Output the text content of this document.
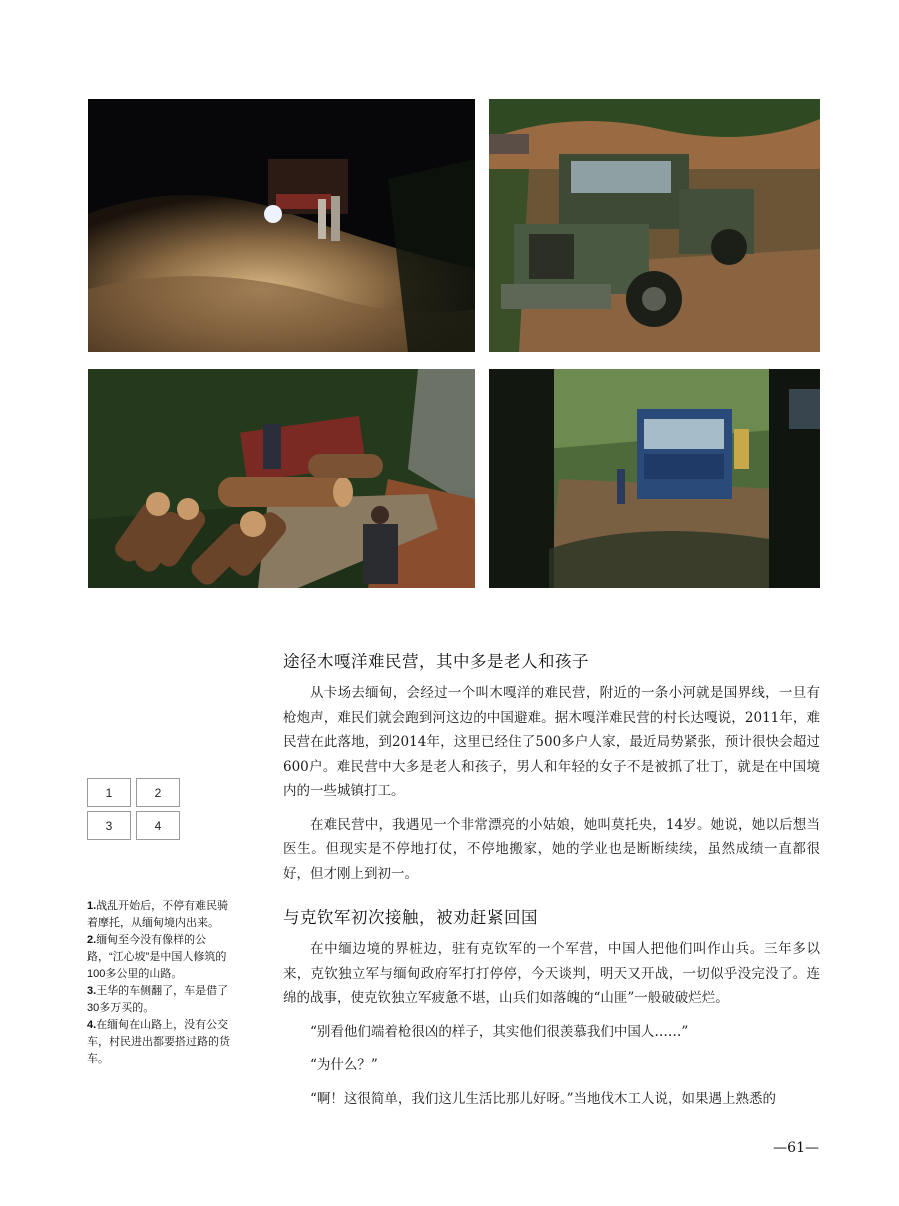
1	2
3	4

1.战乱开始后，不停有难民骑着摩托，从缅甸境内出来。

2.缅甸至今没有像样的公路，“江心坡”是中国人修筑的100多公里的山路。

3.王华的车侧翻了，车是借了30多万买的。

4.在缅甸在山路上，没有公交车，村民进出都要搭过路的货车。

途径木嘎洋难民营，其中多是老人和孩子

从卡场去缅甸，会经过一个叫木嘎洋的难民营，附近的一条小河就是国界线，一旦有枪炮声，难民们就会跑到河这边的中国避难。据木嘎洋难民营的村长达嘎说，2011年，难民营在此落地，到2014年，这里已经住了500多户人家，最近局势紧张，预计很快会超过600户。难民营中大多是老人和孩子，男人和年轻的女子不是被抓了壮丁，就是在中国境内的一些城镇打工。

在难民营中，我遇见一个非常漂亮的小姑娘，她叫莫托央，14岁。她说，她以后想当医生。但现实是不停地打仗，不停地搬家，她的学业也是断断续续，虽然成绩一直都很好，但才刚上到初一。

与克钦军初次接触，被劝赶紧回国

在中缅边境的界桩边，驻有克钦军的一个军营，中国人把他们叫作山兵。三年多以来，克钦独立军与缅甸政府军打打停停，今天谈判，明天又开战，一切似乎没完没了。连绵的战事，使克钦独立军疲惫不堪，山兵们如落魄的“山匪”一般破破烂烂。

“别看他们端着枪很凶的样子，其实他们很羡慕我们中国人……”

“为什么？”

“啊！这很简单，我们这儿生活比那儿好呀。”当地伐木工人说，如果遇上熟悉的

—61—
